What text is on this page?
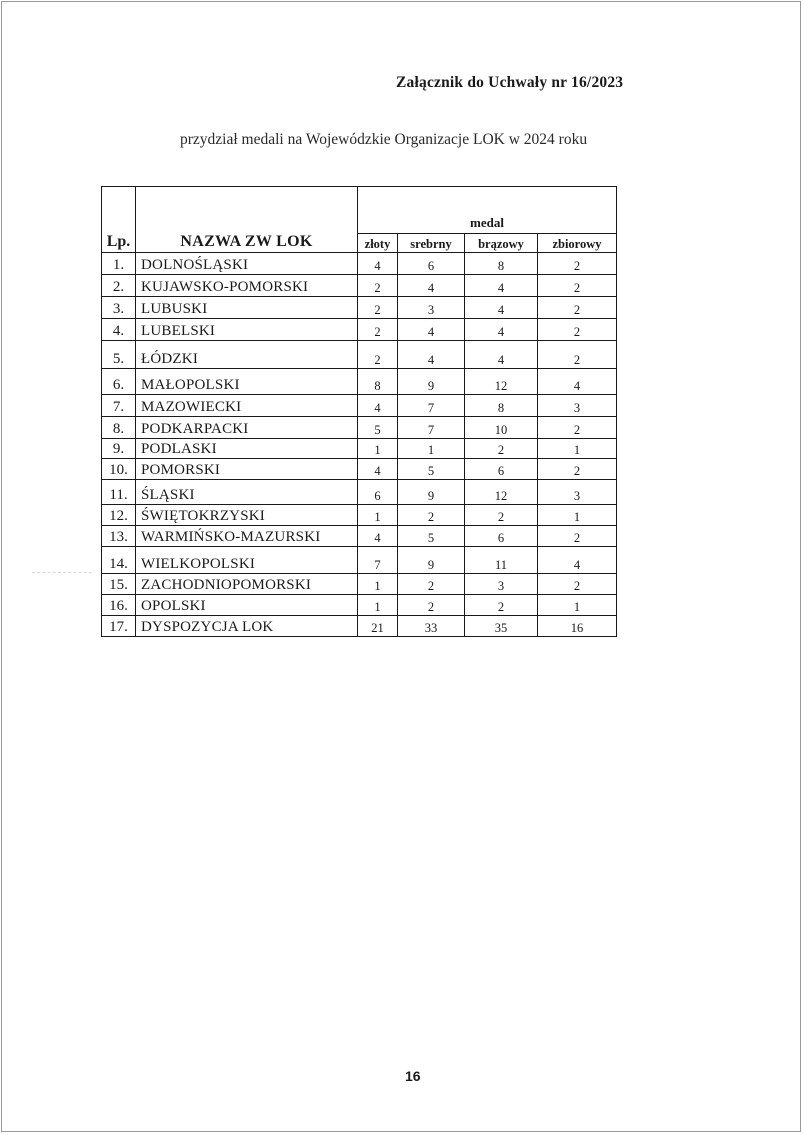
Załącznik do Uchwały nr 16/2023
przydział medali na Wojewódzkie Organizacje LOK w 2024 roku
Lp.	NAZWA ZW LOK	medal			
		złoty	srebrny	brązowy	zbiorowy
1.	DOLNOŚLĄSKI	4	6	8	2
2.	KUJAWSKO-POMORSKI	2	4	4	2
3.	LUBUSKI	2	3	4	2
4.	LUBELSKI	2	4	4	2
5.	ŁÓDZKI	2	4	4	2
6.	MAŁOPOLSKI	8	9	12	4
7.	MAZOWIECKI	4	7	8	3
8.	PODKARPACKI	5	7	10	2
9.	PODLASKI	1	1	2	1
10.	POMORSKI	4	5	6	2
11.	ŚLĄSKI	6	9	12	3
12.	ŚWIĘTOKRZYSKI	1	2	2	1
13.	WARMIŃSKO-MAZURSKI	4	5	6	2
14.	WIELKOPOLSKI	7	9	11	4
15.	ZACHODNIOPOMORSKI	1	2	3	2
16.	OPOLSKI	1	2	2	1
17.	DYSPOZYCJA LOK	21	33	35	16
16
